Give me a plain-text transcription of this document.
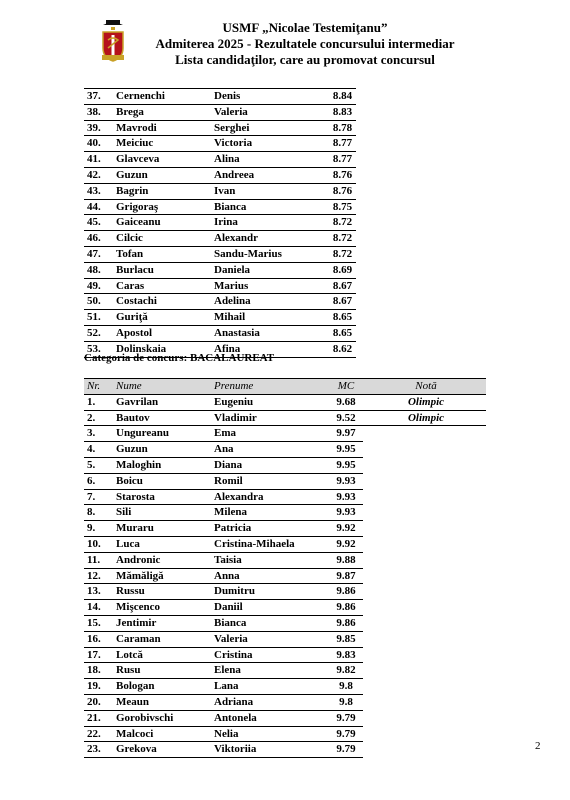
USMF „Nicolae Testemiţanu”
Admiterea 2025 - Rezultatele concursului intermediar
Lista candidaţilor, care au promovat concursul
37.	Cernenchi	Denis	8.84
38.	Brega	Valeria	8.83
39.	Mavrodi	Serghei	8.78
40.	Meiciuc	Victoria	8.77
41.	Glavceva	Alina	8.77
42.	Guzun	Andreea	8.76
43.	Bagrin	Ivan	8.76
44.	Grigoraş	Bianca	8.75
45.	Gaiceanu	Irina	8.72
46.	Cilcic	Alexandr	8.72
47.	Tofan	Sandu-Marius	8.72
48.	Burlacu	Daniela	8.69
49.	Caras	Marius	8.67
50.	Costachi	Adelina	8.67
51.	Guriţă	Mihail	8.65
52.	Apostol	Anastasia	8.65
53.	Dolinskaia	Afina	8.62
Categoria de concurs: BACALAUREAT
Nr.	Nume	Prenume	MC	Notă
1.	Gavrilan	Eugeniu	9.68	Olimpic
2.	Bautov	Vladimir	9.52	Olimpic
3.	Ungureanu	Ema	9.97	
4.	Guzun	Ana	9.95	
5.	Maloghin	Diana	9.95	
6.	Boicu	Romil	9.93	
7.	Starosta	Alexandra	9.93	
8.	Sili	Milena	9.93	
9.	Muraru	Patricia	9.92	
10.	Luca	Cristina-Mihaela	9.92	
11.	Andronic	Taisia	9.88	
12.	Mămăligă	Anna	9.87	
13.	Russu	Dumitru	9.86	
14.	Mişcenco	Daniil	9.86	
15.	Jentimir	Bianca	9.86	
16.	Caraman	Valeria	9.85	
17.	Lotcă	Cristina	9.83	
18.	Rusu	Elena	9.82	
19.	Bologan	Lana	9.8	
20.	Meaun	Adriana	9.8	
21.	Gorobivschi	Antonela	9.79	
22.	Malcoci	Nelia	9.79	
23.	Grekova	Viktoriia	9.79		2
